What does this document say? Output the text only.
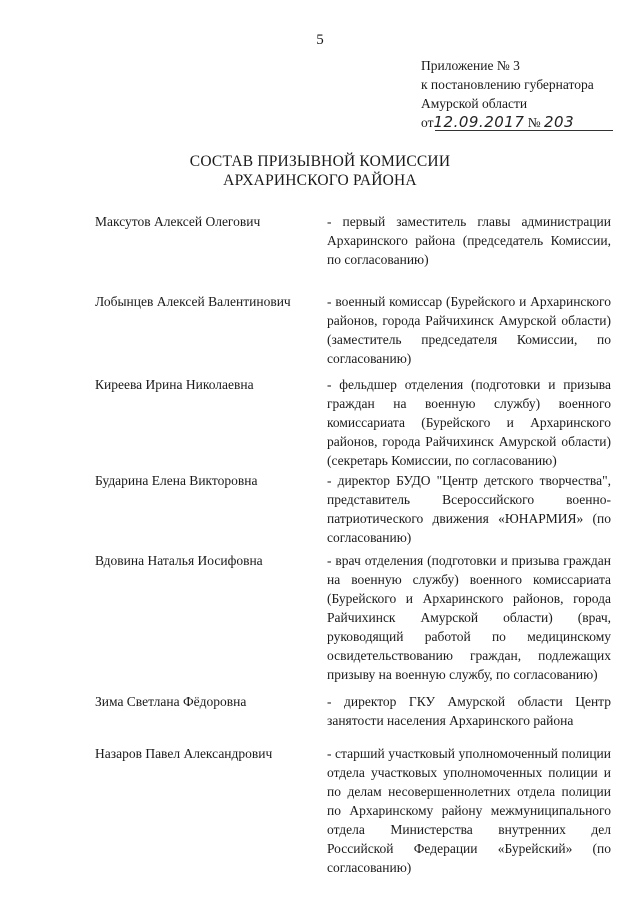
5
Приложение № 3
к постановлению губернатора
Амурской области
от12.09.2017 № 203
СОСТАВ ПРИЗЫВНОЙ КОМИССИИ
АРХАРИНСКОГО РАЙОНА
Максутов Алексей Олегович	- первый заместитель главы администрации Архаринского района (председатель Комиссии, по согласованию)
Лобынцев Алексей Валентинович	- военный комиссар (Бурейского и Архаринского районов, города Райчихинск Амурской области) (заместитель председателя Комиссии, по согласованию)
Киреева Ирина Николаевна	- фельдшер отделения (подготовки и призыва граждан на военную службу) военного комиссариата (Бурейского и Архаринского районов, города Райчихинск Амурской области) (секретарь Комиссии, по согласованию)
Бударина Елена Викторовна	- директор БУДО "Центр детского творчества", представитель Всероссийского военно-патриотического движения «ЮНАРМИЯ» (по согласованию)
Вдовина Наталья Иосифовна	- врач отделения (подготовки и призыва граждан на военную службу) военного комиссариата (Бурейского и Архаринского районов, города Райчихинск Амурской области) (врач, руководящий работой по медицинскому освидетельствованию граждан, подлежащих призыву на военную службу, по согласованию)
Зима Светлана Фёдоровна	- директор ГКУ Амурской области Центр занятости населения Архаринского района
Назаров Павел Александрович	- старший участковый уполномоченный полиции отдела участковых уполномоченных полиции и по делам несовершеннолетних отдела полиции по Архаринскому району межмуниципального отдела Министерства внутренних дел Российской Федерации «Бурейский» (по согласованию)
